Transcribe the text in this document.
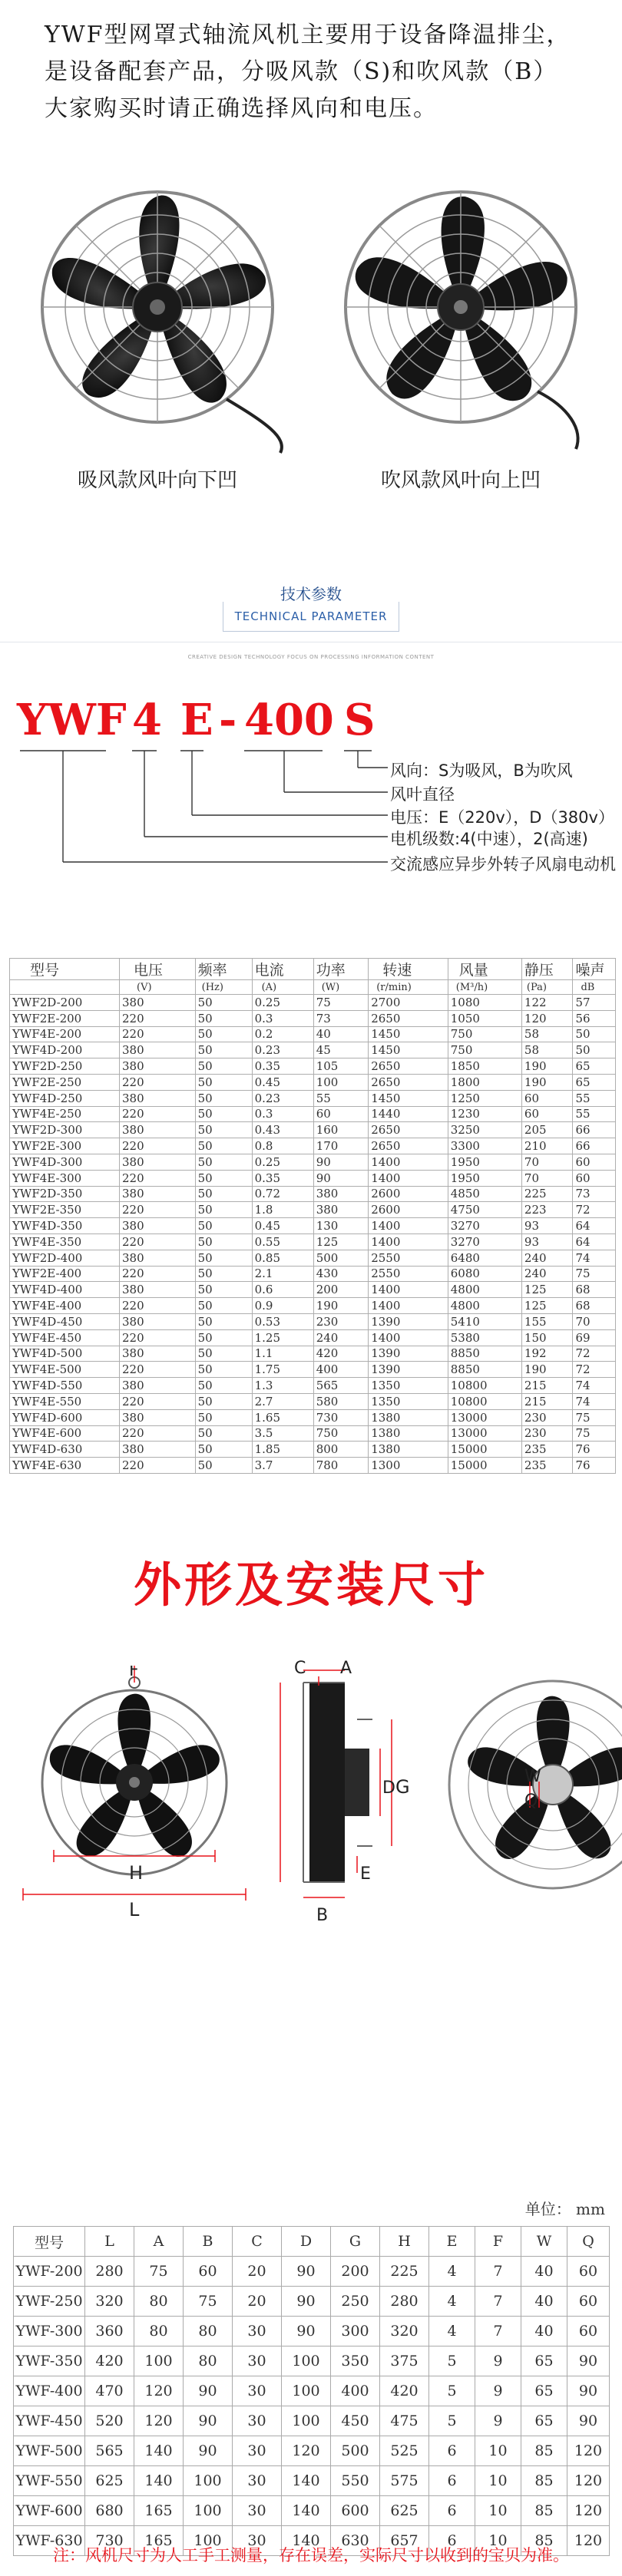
YWF型网罩式轴流风机主要用于设备降温排尘，

是设备配套产品，分吸风款（S)和吹风款（B）

大家购买时请正确选择风向和电压。

吸风款风叶向下凹	吹风款风叶向上凹
技术参数
TECHNICAL PARAMETER
CREATIVE DESIGN TECHNOLOGY FOCUS ON PROCESSING INFORMATION CONTENT
YWF 4 E - 400 S
风向：S为吸风，B为吹风
风叶直径
电压：E（220v），D（380v）
电机级数:4(中速），2(高速)
交流感应异步外转子风扇电动机
型号	电压	频率	电流	功率	转速	风量	静压	噪声
	(V)	(Hz)	(A)	(W)	(r/min)	(M³/h)	(Pa)	dB
YWF2D-200	380	50	0.25	75	2700	1080	122	57
YWF2E-200	220	50	0.3	73	2650	1050	120	56
YWF4E-200	220	50	0.2	40	1450	750	58	50
YWF4D-200	380	50	0.23	45	1450	750	58	50
YWF2D-250	380	50	0.35	105	2650	1850	190	65
YWF2E-250	220	50	0.45	100	2650	1800	190	65
YWF4D-250	380	50	0.23	55	1450	1250	60	55
YWF4E-250	220	50	0.3	60	1440	1230	60	55
YWF2D-300	380	50	0.43	160	2650	3250	205	66
YWF2E-300	220	50	0.8	170	2650	3300	210	66
YWF4D-300	380	50	0.25	90	1400	1950	70	60
YWF4E-300	220	50	0.35	90	1400	1950	70	60
YWF2D-350	380	50	0.72	380	2600	4850	225	73
YWF2E-350	220	50	1.8	380	2600	4750	223	72
YWF4D-350	380	50	0.45	130	1400	3270	93	64
YWF4E-350	220	50	0.55	125	1400	3270	93	64
YWF2D-400	380	50	0.85	500	2550	6480	240	74
YWF2E-400	220	50	2.1	430	2550	6080	240	75
YWF4D-400	380	50	0.6	200	1400	4800	125	68
YWF4E-400	220	50	0.9	190	1400	4800	125	68
YWF4D-450	380	50	0.53	230	1390	5410	155	70
YWF4E-450	220	50	1.25	240	1400	5380	150	69
YWF4D-500	380	50	1.1	420	1390	8850	192	72
YWF4E-500	220	50	1.75	400	1390	8850	190	72
YWF4D-550	380	50	1.3	565	1350	10800	215	74
YWF4E-550	220	50	2.7	580	1350	10800	215	74
YWF4D-600	380	50	1.65	730	1380	13000	230	75
YWF4E-600	220	50	3.5	750	1380	13000	230	75
YWF4D-630	380	50	1.85	800	1380	15000	235	76
YWF4E-630	220	50	3.7	780	1300	15000	235	76
外形及安装尺寸
F
H
L
C A
D G
E
B
W
Q
单位： mm
型号	L	A	B	C	D	G	H	E	F	W	Q
YWF-200	280	75	60	20	90	200	225	4	7	40	60
YWF-250	320	80	75	20	90	250	280	4	7	40	60
YWF-300	360	80	80	30	90	300	320	4	7	40	60
YWF-350	420	100	80	30	100	350	375	5	9	65	90
YWF-400	470	120	90	30	100	400	420	5	9	65	90
YWF-450	520	120	90	30	100	450	475	5	9	65	90
YWF-500	565	140	90	30	120	500	525	6	10	85	120
YWF-550	625	140	100	30	140	550	575	6	10	85	120
YWF-600	680	165	100	30	140	600	625	6	10	85	120
YWF-630	730	165	100	30	140	630	657	6	10	85	120
注：风机尺寸为人工手工测量，存在误差，实际尺寸以收到的宝贝为准。
